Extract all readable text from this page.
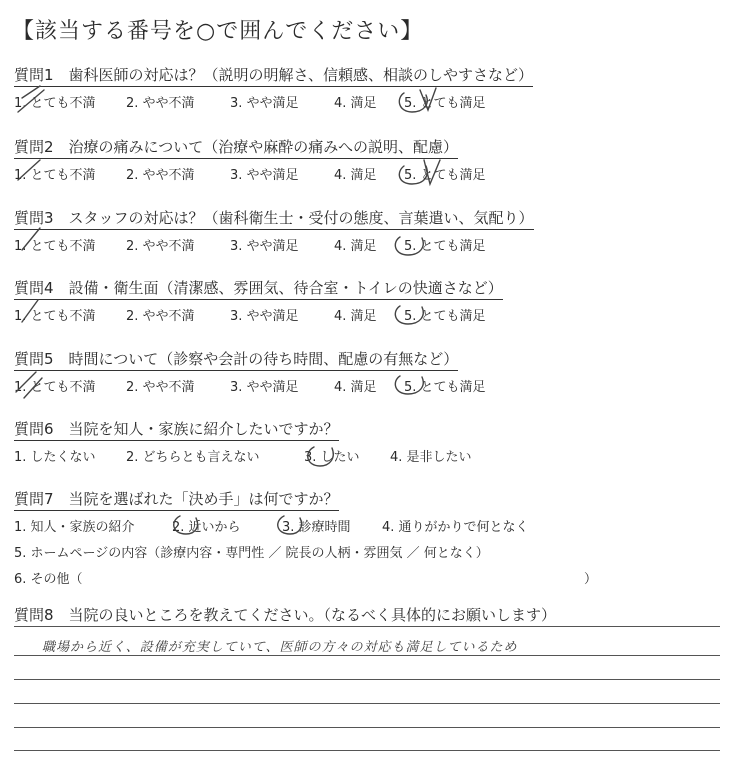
【該当する番号を○で囲んでください】
質問1　歯科医師の対応は？（説明の明解さ、信頼感、相談のしやすさなど）
1. とても不満 2. やや不満	3. やや満足	4. 満足 5. とても満足
質問2　治療の痛みについて（治療や麻酔の痛みへの説明、配慮）
1. とても不満 2. やや不満	3. やや満足	4. 満足 5. とても満足
質問3　スタッフの対応は？（歯科衛生士・受付の態度、言葉遣い、気配り）
1. とても不満 2. やや不満	3. やや満足	4. 満足 5. とても満足
質問4　設備・衛生面（清潔感、雰囲気、待合室・トイレの快適さなど）
1. とても不満 2. やや不満	3. やや満足	4. 満足 5. とても満足
質問5　時間について（診察や会計の待ち時間、配慮の有無など）
1. とても不満 2. やや不満	3. やや満足	4. 満足 5. とても満足
質問6　当院を知人・家族に紹介したいですか？
1. したくない 2. どちらとも言えない	3. したい 4. 是非したい
質問7　当院を選ばれた「決め手」は何ですか？
1. 知人・家族の紹介	2. 近いから	3. 診療時間 4. 通りがかりで何となく
5. ホームページの内容（診療内容・専門性 ／ 院長の人柄・雰囲気 ／ 何となく）
6. その他（	）
質問8　当院の良いところを教えてください。（なるべく具体的にお願いします）
職場から近く、設備が充実していて、医師の方々の対応も満足しているため
